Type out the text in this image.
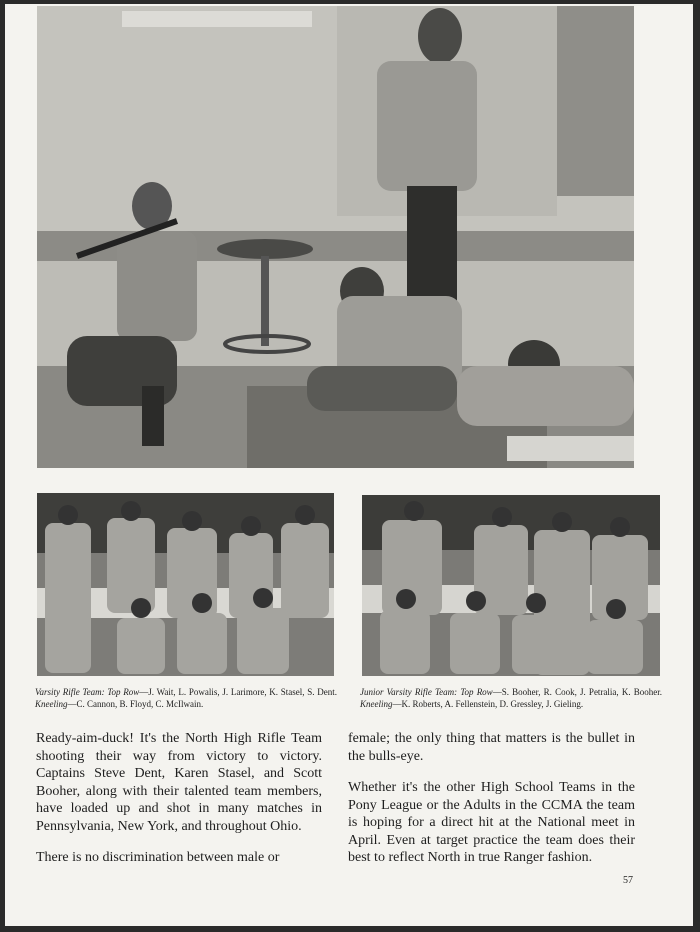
Varsity Rifle Team: Top Row—J. Wait, L. Powalis, J. Larimore, K. Stasel, S. Dent. Kneeling—C. Cannon, B. Floyd, C. McIlwain.
Junior Varsity Rifle Team: Top Row—S. Booher, R. Cook, J. Petralia, K. Booher. Kneeling—K. Roberts, A. Fellenstein, D. Gressley, J. Gieling.

Ready-aim-duck! It's the North High Rifle Team shooting their way from victory to victory. Captains Steve Dent, Karen Stasel, and Scott Booher, along with their talented team members, have loaded up and shot in many matches in Pennsylvania, New York, and throughout Ohio.

There is no discrimination between male or

female; the only thing that matters is the bullet in the bulls-eye.

Whether it's the other High School Teams in the Pony League or the Adults in the CCMA the team is hoping for a direct hit at the National meet in April. Even at target practice the team does their best to reflect North in true Ranger fashion.

57
